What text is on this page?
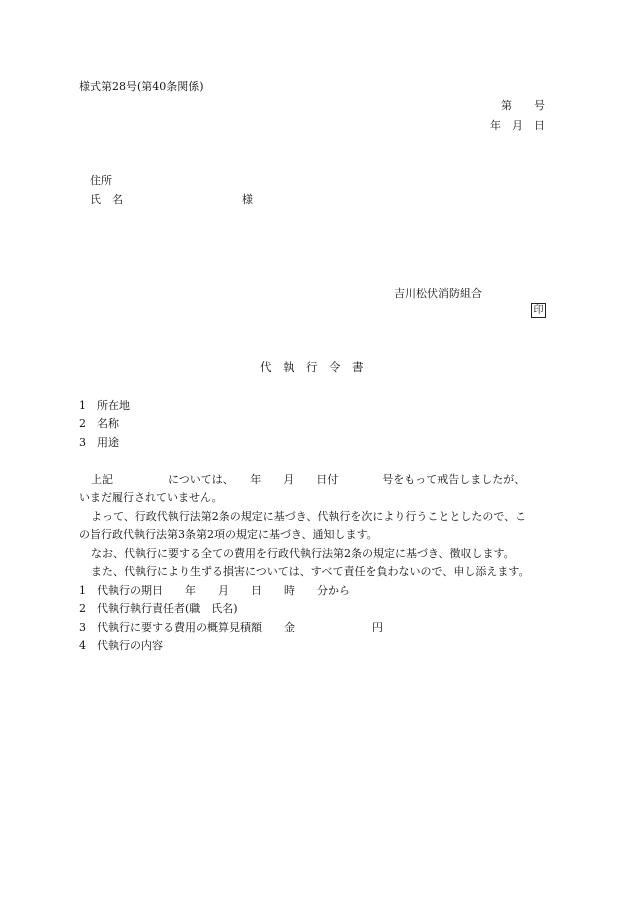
様式第28号(第40条関係)
第　　号
年　月　日
住所
氏　名	様
吉川松伏消防組合
印
代　執　行　令　書
1　所在地
2　名称
3　用途
上記　　　　　については、　　年　　月　　日付　　　　号をもって戒告しましたが、
いまだ履行されていません。
よって、行政代執行法第2条の規定に基づき、代執行を次により行うこととしたので、こ
の旨行政代執行法第3条第2項の規定に基づき、通知します。
なお、代執行に要する全ての費用を行政代執行法第2条の規定に基づき、徴収します。
また、代執行により生ずる損害については、すべて責任を負わないので、申し添えます。
1　代執行の期日　　年　　月　　日　　時　　分から
2　代執行執行責任者(職　氏名)
3　代執行に要する費用の概算見積額　　金　　　　　　　円
4　代執行の内容
